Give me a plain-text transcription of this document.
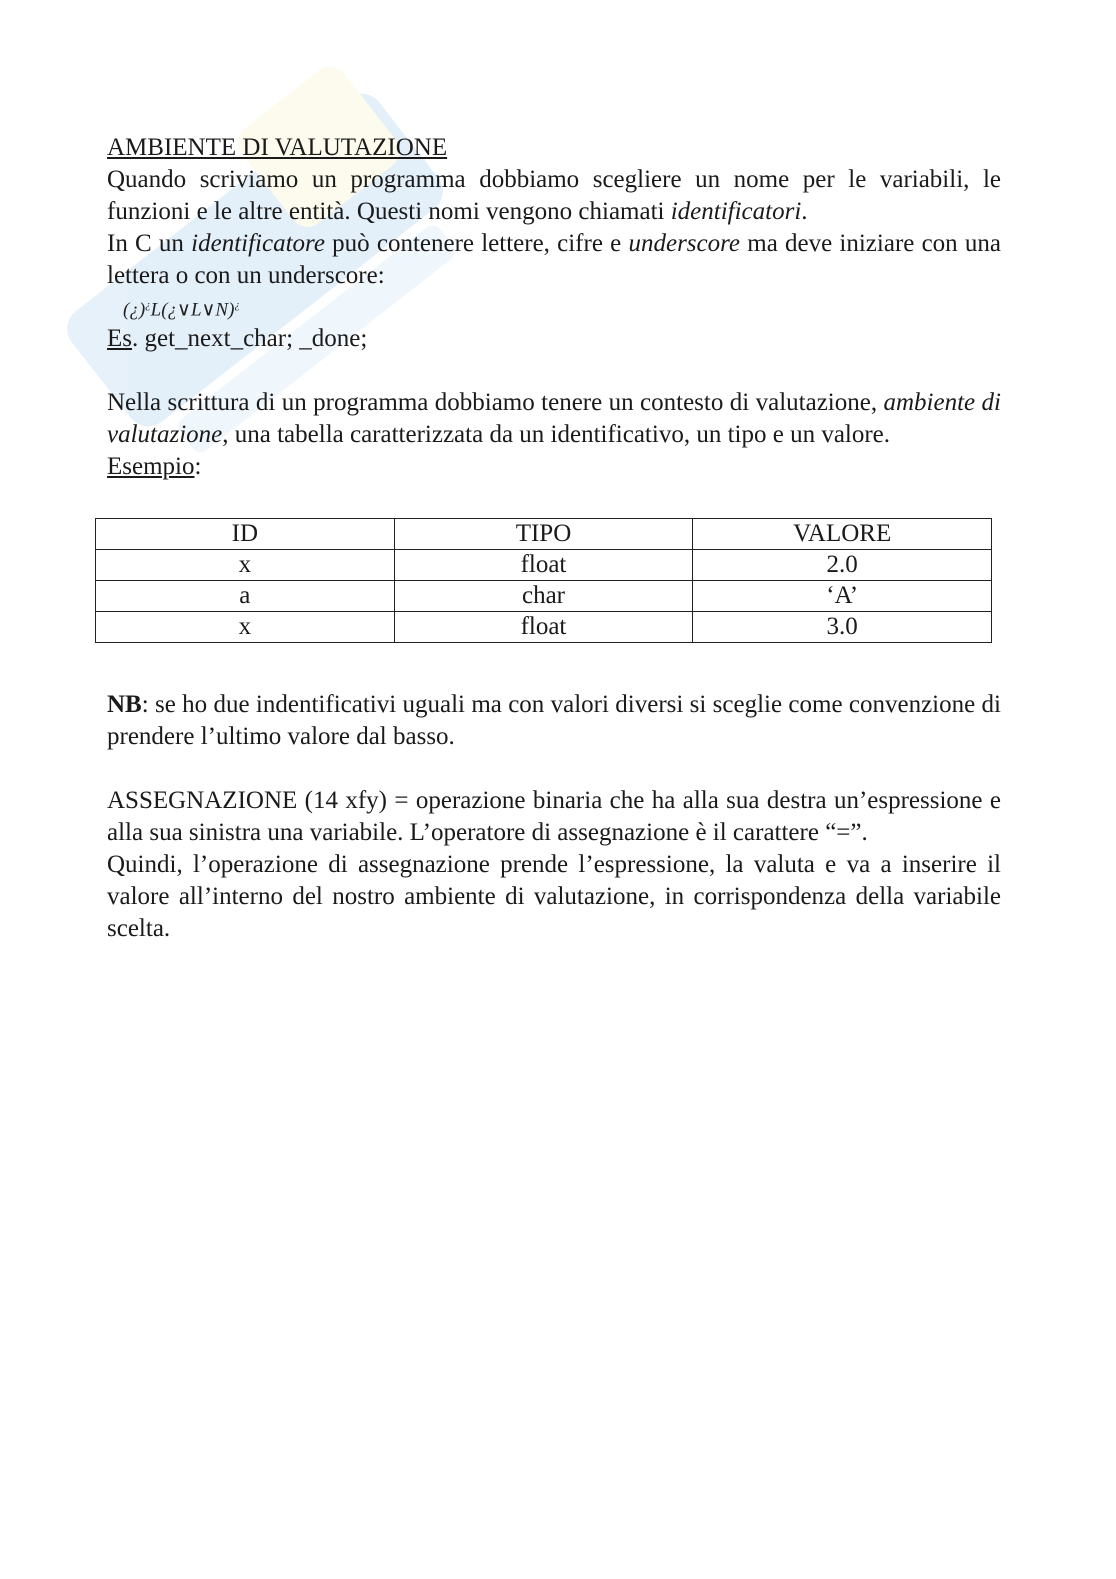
AMBIENTE DI VALUTAZIONE

Quando scriviamo un programma dobbiamo scegliere un nome per le variabili, le funzioni e le altre entità. Questi nomi vengono chiamati identificatori.

In C un identificatore può contenere lettere, cifre e underscore ma deve iniziare con una lettera o con un underscore:

(¿)¿L(¿∨L∨N)¿

Es. get_next_char; _done;

Nella scrittura di un programma dobbiamo tenere un contesto di valutazione, ambiente di valutazione, una tabella caratterizzata da un identificativo, un tipo e un valore.

Esempio:

ID	TIPO	VALORE
x	float	2.0
a	char	‘A’
x	float	3.0

NB: se ho due indentificativi uguali ma con valori diversi si sceglie come convenzione di prendere l’ultimo valore dal basso.

ASSEGNAZIONE (14 xfy) = operazione binaria che ha alla sua destra un’espressione e alla sua sinistra una variabile. L’operatore di assegnazione è il carattere “=”.

Quindi, l’operazione di assegnazione prende l’espressione, la valuta e va a inserire il valore all’interno del nostro ambiente di valutazione, in corrispondenza della variabile scelta.
